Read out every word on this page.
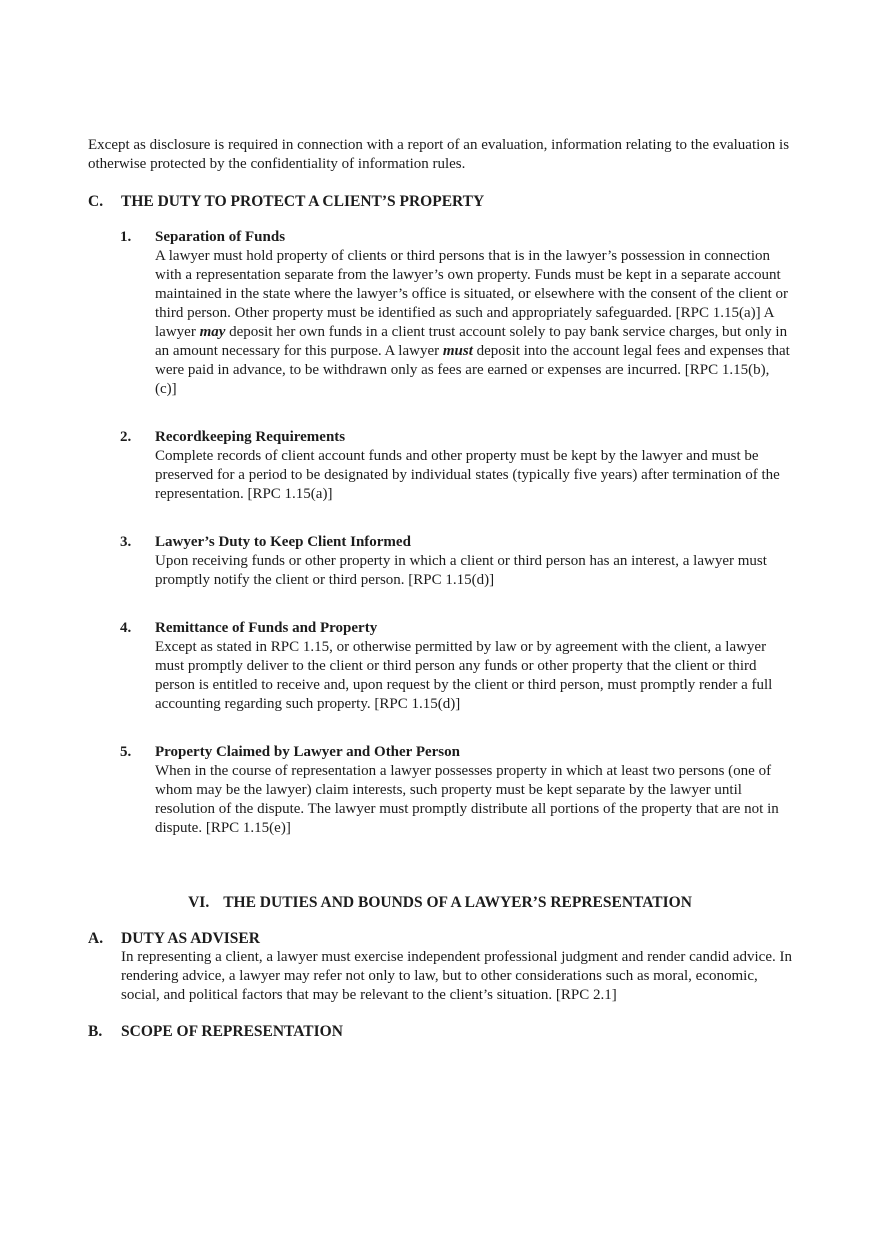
Except as disclosure is required in connection with a report of an evaluation, information relating to the evaluation is otherwise protected by the confidentiality of information rules.

C.	THE DUTY TO PROTECT A CLIENT’S PROPERTY
1.	Separation of Funds
A lawyer must hold property of clients or third persons that is in the lawyer’s possession in connection with a representation separate from the lawyer’s own property. Funds must be kept in a separate account maintained in the state where the lawyer’s office is situated, or elsewhere with the consent of the client or third person. Other property must be identified as such and appropriately safeguarded. [RPC 1.15(a)] A lawyer may deposit her own funds in a client trust account solely to pay bank service charges, but only in an amount necessary for this purpose. A lawyer must deposit into the account legal fees and expenses that were paid in advance, to be withdrawn only as fees are earned or expenses are incurred. [RPC 1.15(b), (c)]
2.	Recordkeeping Requirements
Complete records of client account funds and other property must be kept by the lawyer and must be preserved for a period to be designated by individual states (typically five years) after termination of the representation. [RPC 1.15(a)]
3.	Lawyer’s Duty to Keep Client Informed
Upon receiving funds or other property in which a client or third person has an interest, a lawyer must promptly notify the client or third person. [RPC 1.15(d)]
4.	Remittance of Funds and Property
Except as stated in RPC 1.15, or otherwise permitted by law or by agreement with the client, a lawyer must promptly deliver to the client or third person any funds or other property that the client or third person is entitled to receive and, upon request by the client or third person, must promptly render a full accounting regarding such property. [RPC 1.15(d)]
5.	Property Claimed by Lawyer and Other Person
When in the course of representation a lawyer possesses property in which at least two persons (one of whom may be the lawyer) claim interests, such property must be kept separate by the lawyer until resolution of the dispute. The lawyer must promptly distribute all portions of the property that are not in dispute. [RPC 1.15(e)]
VI. THE DUTIES AND BOUNDS OF A LAWYER’S REPRESENTATION
A.	DUTY AS ADVISER
In representing a client, a lawyer must exercise independent professional judgment and render candid advice. In rendering advice, a lawyer may refer not only to law, but to other considerations such as moral, economic, social, and political factors that may be relevant to the client’s situation. [RPC 2.1]
B.	SCOPE OF REPRESENTATION
